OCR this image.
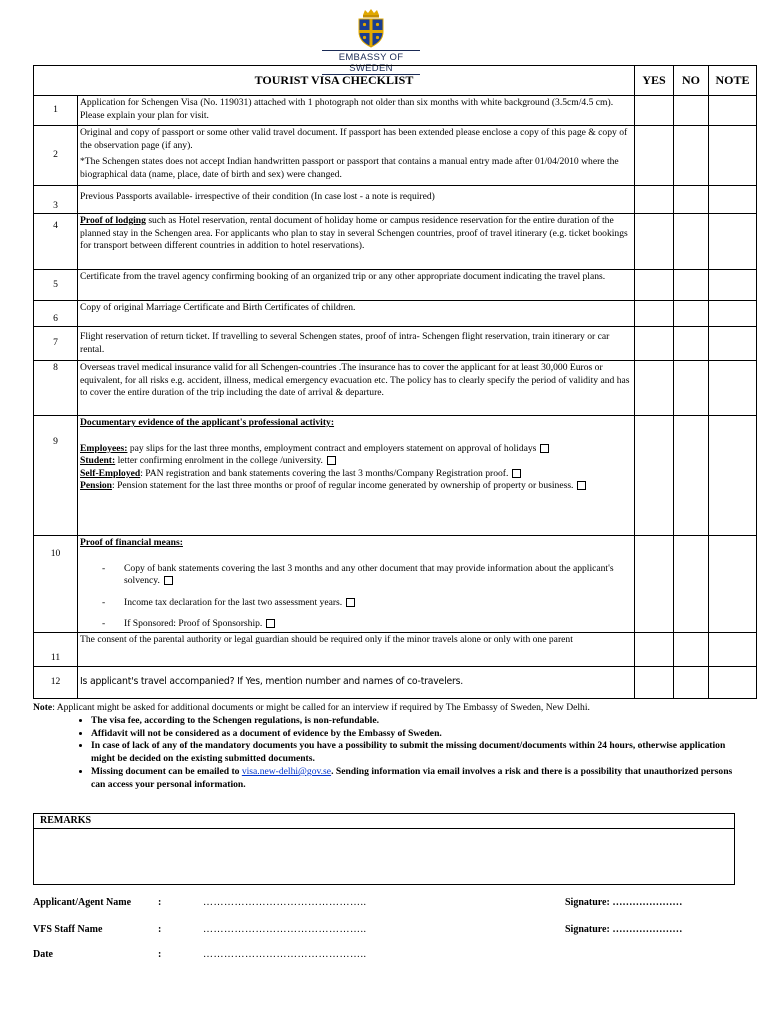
EMBASSY OF SWEDEN
TOURIST VISA CHECKLIST		YES	NO	NOTE
1	Application for Schengen Visa (No. 119031) attached with 1 photograph not older than six months with white background (3.5cm/4.5 cm). Please explain your plan for visit.			

2	Original and copy of passport or some other valid travel document. If passport has been extended please enclose a copy of this page & copy of the observation page (if any).
*The Schengen states does not accept Indian handwritten passport or passport that contains a manual entry made after 01/04/2010 where the biographical data (name, place, date of birth and sex) were changed.			

3	Previous Passports available- irrespective of their condition (In case lost - a note is required)			

4	Proof of lodging such as Hotel reservation, rental document of holiday home or campus residence reservation for the entire duration of the planned stay in the Schengen area. For applicants who plan to stay in several Schengen countries, proof of travel itinerary (e.g. ticket bookings for transport between different countries in addition to hotel reservations).			
5	Certificate from the travel agency confirming booking of an organized trip or any other appropriate document indicating the travel plans.			

6	Copy of original Marriage Certificate and Birth Certificates of children.			

7	Flight reservation of return ticket. If travelling to several Schengen states, proof of intra- Schengen flight reservation, train itinerary or car rental.			

8	Overseas travel medical insurance valid for all Schengen-countries .The insurance has to cover the applicant for at least 30,000 Euros or equivalent, for all risks e.g. accident, illness, medical emergency evacuation etc. The policy has to clearly specify the period of validity and has to cover the entire duration of the trip including the date of arrival & departure.			

9	Documentary evidence of the applicant's professional activity:
Employees: pay slips for the last three months, employment contract and employers statement on approval of holidays
Student: letter confirming enrolment in the college /university.
Self-Employed: PAN registration and bank statements covering the last 3 months/Company Registration proof.
Pension: Pension statement for the last three months or proof of regular income generated by ownership of property or business.			

10	Proof of financial means:
- Copy of bank statements covering the last 3 months and any other document that may provide information about the applicant's solvency.
- Income tax declaration for the last two assessment years.
- If Sponsored: Proof of Sponsorship.

11	The consent of the parental authority or legal guardian should be required only if the minor travels alone or only with one parent			

12	Is applicant's travel accompanied? If Yes, mention number and names of co-travelers.			

Note: Applicant might be asked for additional documents or might be called for an interview if required by The Embassy of Sweden, New Delhi.
• The visa fee, according to the Schengen regulations, is non-refundable.
• Affidavit will not be considered as a document of evidence by the Embassy of Sweden.
• In case of lack of any of the mandatory documents you have a possibility to submit the missing document/documents within 24 hours, otherwise application might be decided on the existing submitted documents.
• Missing document can be emailed to visa.new-delhi@gov.se. Sending information via email involves a risk and there is a possibility that unauthorized persons can access your personal information.
REMARKS
Applicant/Agent Name	:	………………………………………..	Signature: …………………
VFS Staff Name	:	………………………………………..	Signature: …………………
Date	:	………………………………………..
